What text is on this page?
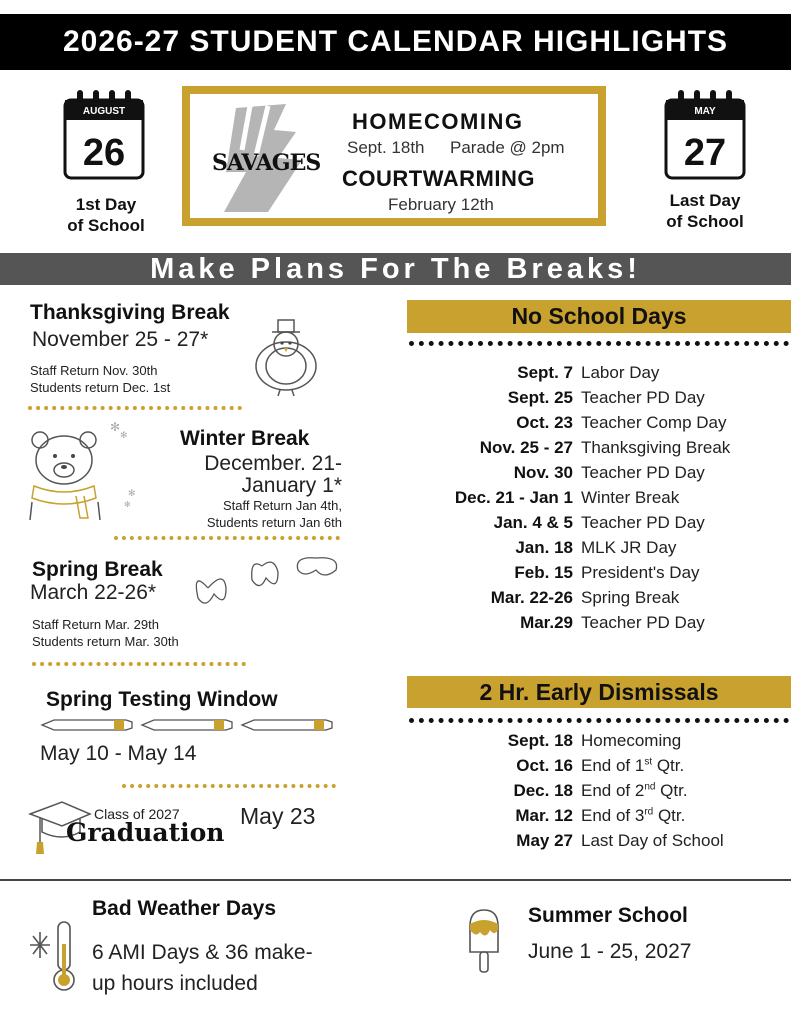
2026-27 STUDENT CALENDAR HIGHLIGHTS
AUGUST
26
1st Day
of School
MAY
27
Last Day
of School
SAVAGES
HOMECOMING
Sept. 18th Parade @ 2pm
COURTWARMING
February 12th
Make Plans For The Breaks!
Thanksgiving Break
November 25 - 27*
Staff Return Nov. 30th
Students return Dec. 1st
✻
✻
✻
✻
Winter Break
December. 21-
January 1*
Staff Return Jan 4th,
Students return Jan 6th
Spring Break
March 22-26*
Staff Return Mar. 29th
Students return Mar. 30th
Spring Testing Window
May 10 - May 14
Class of 2027
Graduation
May 23
No School Days
Sept. 7 Labor Day
Sept. 25 Teacher PD Day
Oct. 23 Teacher Comp Day
Nov. 25 - 27 Thanksgiving Break
Nov. 30 Teacher PD Day
Dec. 21 - Jan 1 Winter Break
Jan. 4 & 5 Teacher PD Day
Jan. 18 MLK JR Day
Feb. 15 President's Day
Mar. 22-26 Spring Break
Mar.29 Teacher PD Day
2 Hr. Early Dismissals
Sept. 18 Homecoming
Oct. 16 End of 1st Qtr.
Dec. 18 End of 2nd Qtr.
Mar. 12 End of 3rd Qtr.
May 27 Last Day of School
Bad Weather Days
6 AMI Days & 36 make-
up hours included
Summer School
June 1 - 25, 2027
